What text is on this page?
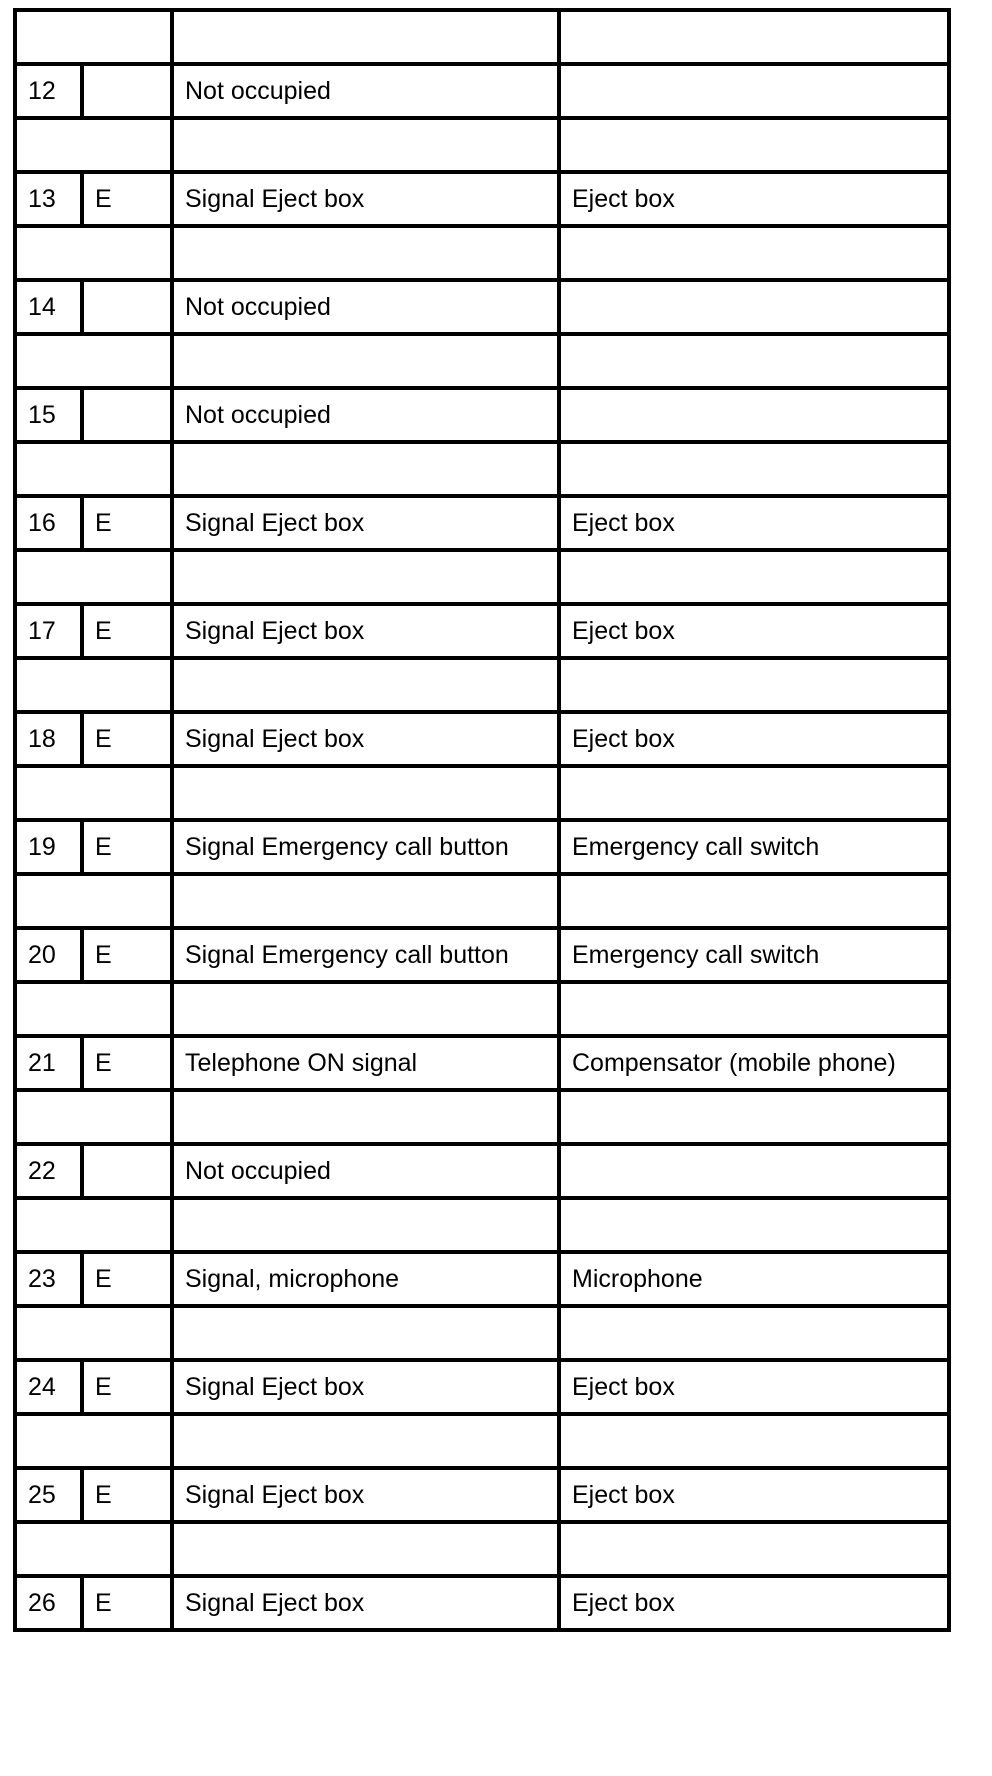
12		Not occupied	

13	E	Signal Eject box	Eject box

14		Not occupied	

15		Not occupied	

16	E	Signal Eject box	Eject box

17	E	Signal Eject box	Eject box

18	E	Signal Eject box	Eject box

19	E	Signal Emergency call button	Emergency call switch

20	E	Signal Emergency call button	Emergency call switch

21	E	Telephone ON signal	Compensator (mobile phone)

22		Not occupied	

23	E	Signal, microphone	Microphone

24	E	Signal Eject box	Eject box

25	E	Signal Eject box	Eject box

26	E	Signal Eject box	Eject box
